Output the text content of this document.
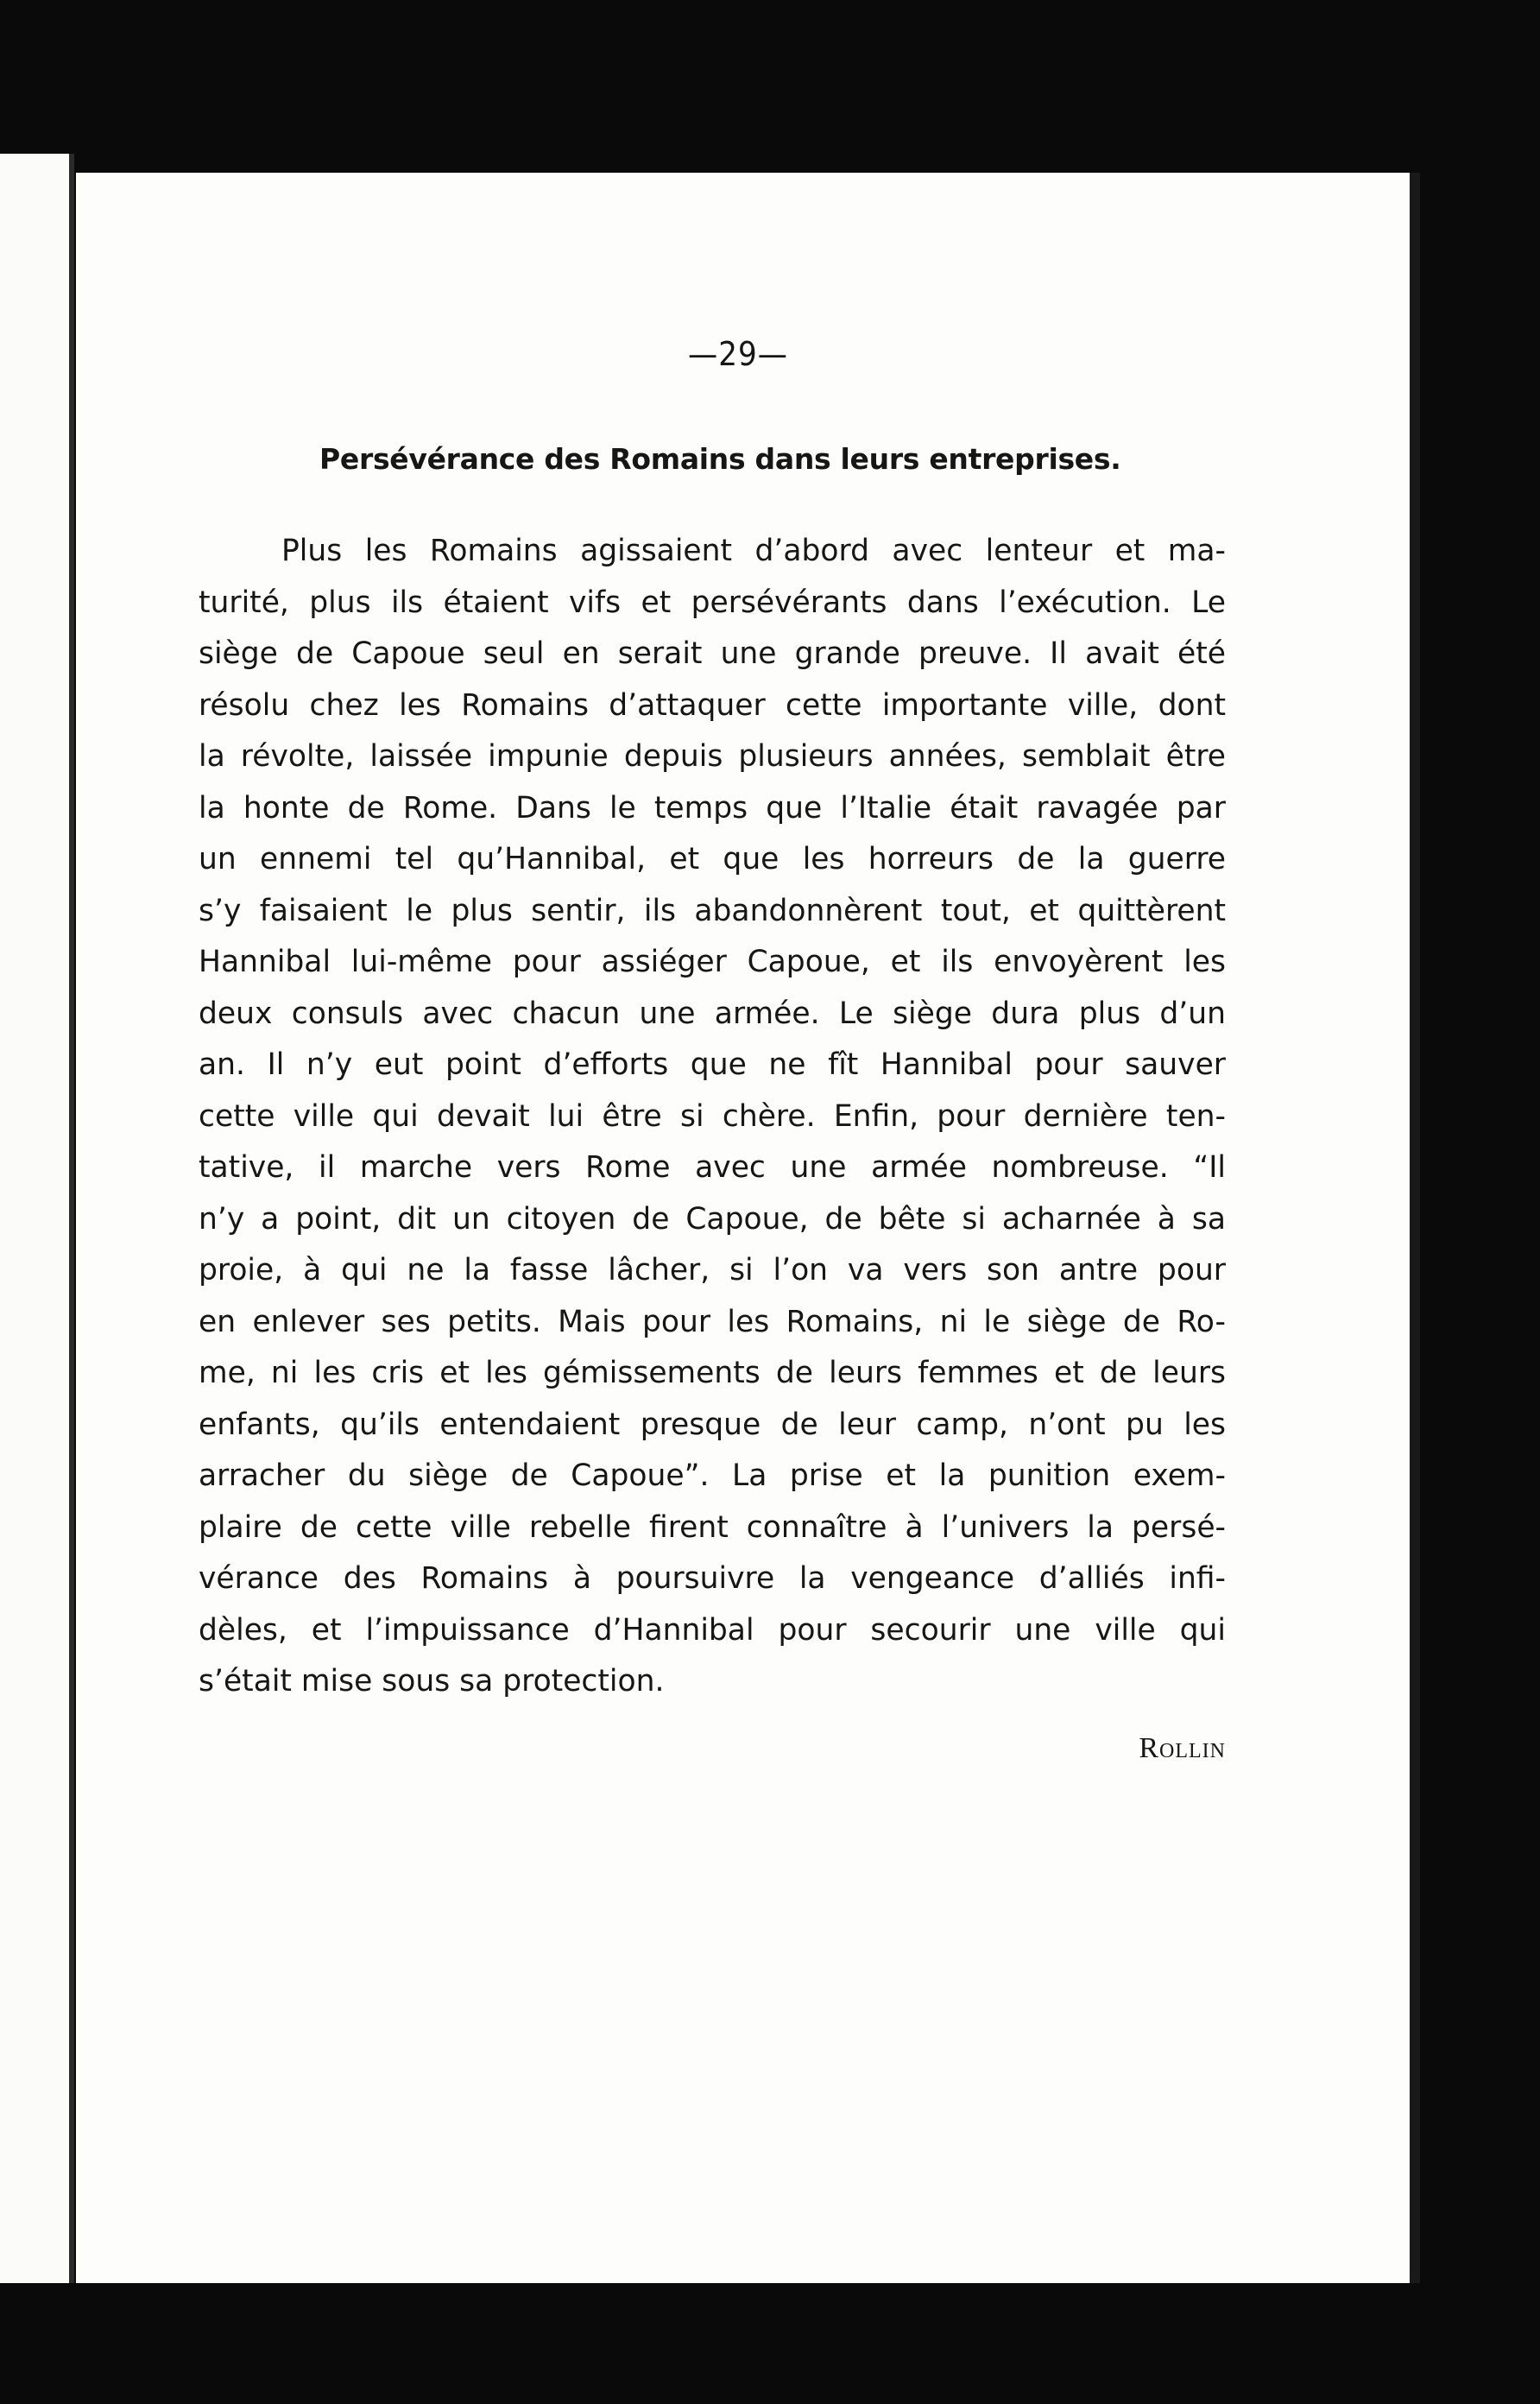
—29—
Persévérance des Romains dans leurs entreprises.
Plus les Romains agissaient d’abord avec lenteur et ma-
turité, plus ils étaient vifs et persévérants dans l’exécution. Le
siège de Capoue seul en serait une grande preuve. Il avait été
résolu chez les Romains d’attaquer cette importante ville, dont
la révolte, laissée impunie depuis plusieurs années, semblait être
la honte de Rome. Dans le temps que l’Italie était ravagée par
un ennemi tel qu’Hannibal, et que les horreurs de la guerre
s’y faisaient le plus sentir, ils abandonnèrent tout, et quittèrent
Hannibal lui-même pour assiéger Capoue, et ils envoyèrent les
deux consuls avec chacun une armée. Le siège dura plus d’un
an. Il n’y eut point d’efforts que ne fît Hannibal pour sauver
cette ville qui devait lui être si chère. Enfin, pour dernière ten-
tative, il marche vers Rome avec une armée nombreuse. “Il
n’y a point, dit un citoyen de Capoue, de bête si acharnée à sa
proie, à qui ne la fasse lâcher, si l’on va vers son antre pour
en enlever ses petits. Mais pour les Romains, ni le siège de Ro-
me, ni les cris et les gémissements de leurs femmes et de leurs
enfants, qu’ils entendaient presque de leur camp, n’ont pu les
arracher du siège de Capoue”. La prise et la punition exem-
plaire de cette ville rebelle firent connaître à l’univers la persé-
vérance des Romains à poursuivre la vengeance d’alliés infi-
dèles, et l’impuissance d’Hannibal pour secourir une ville qui
s’était mise sous sa protection.
Rollin
